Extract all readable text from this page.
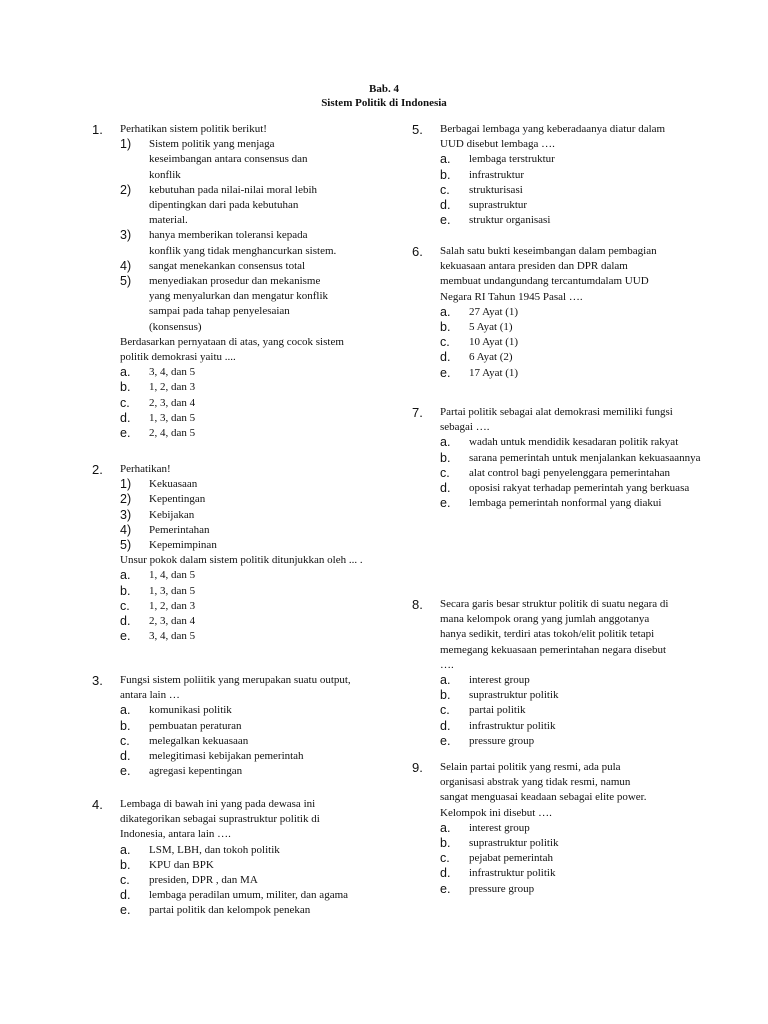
Bab. 4
Sistem Politik di Indonesia
1. Perhatikan sistem politik berikut!
1) Sistem politik yang menjaga keseimbangan antara consensus dan konflik
2) kebutuhan pada nilai-nilai moral lebih dipentingkan dari pada kebutuhan material.
3) hanya memberikan toleransi kepada konflik yang tidak menghancurkan sistem.
4) sangat menekankan consensus total
5) menyediakan prosedur dan mekanisme yang menyalurkan dan mengatur konflik sampai pada tahap penyelesaian (konsensus)
Berdasarkan pernyataan di atas, yang cocok sistem politik demokrasi yaitu ....
a. 3, 4, dan 5
b. 1, 2, dan 3
c. 2, 3, dan 4
d. 1, 3, dan 5
e. 2, 4, dan 5
2. Perhatikan!
1) Kekuasaan
2) Kepentingan
3) Kebijakan
4) Pemerintahan
5) Kepemimpinan
Unsur pokok dalam sistem politik ditunjukkan oleh ... .
a. 1, 4, dan 5
b. 1, 3, dan 5
c. 1, 2, dan 3
d. 2, 3, dan 4
e. 3, 4, dan 5
3. Fungsi sistem poliitik yang merupakan suatu output, antara lain …
a. komunikasi politik
b. pembuatan peraturan
c. melegalkan kekuasaan
d. melegitimasi kebijakan pemerintah
e. agregasi kepentingan
4. Lembaga di bawah ini yang pada dewasa ini dikategorikan sebagai suprastruktur politik di Indonesia, antara lain ….
a. LSM, LBH, dan tokoh politik
b. KPU dan BPK
c. presiden, DPR , dan MA
d. lembaga peradilan umum, militer, dan agama
e. partai politik dan kelompok penekan
5. Berbagai lembaga yang keberadaanya diatur dalam UUD disebut lembaga ….
a. lembaga terstruktur
b. infrastruktur
c. strukturisasi
d. suprastruktur
e. struktur organisasi
6. Salah satu bukti keseimbangan dalam pembagian kekuasaan antara presiden dan DPR dalam membuat undangundang tercantumdalam UUD Negara RI Tahun 1945 Pasal ….
a. 27 Ayat (1)
b. 5 Ayat (1)
c. 10 Ayat (1)
d. 6 Ayat (2)
e. 17 Ayat (1)
7. Partai politik sebagai alat demokrasi memiliki fungsi sebagai ….
a. wadah untuk mendidik kesadaran politik rakyat
b. sarana pemerintah untuk menjalankan kekuasaannya
c. alat control bagi penyelenggara pemerintahan
d. oposisi rakyat terhadap pemerintah yang berkuasa
e. lembaga pemerintah nonformal yang diakui
8. Secara garis besar struktur politik di suatu negara di mana kelompok orang yang jumlah anggotanya hanya sedikit, terdiri atas tokoh/elit politik tetapi memegang kekuasaan pemerintahan negara disebut ….
a. interest group
b. suprastruktur politik
c. partai politik
d. infrastruktur politik
e. pressure group
9. Selain partai politik yang resmi, ada pula organisasi abstrak yang tidak resmi, namun sangat menguasai keadaan sebagai elite power. Kelompok ini disebut ….
a. interest group
b. suprastruktur politik
c. pejabat pemerintah
d. infrastruktur politik
e. pressure group
